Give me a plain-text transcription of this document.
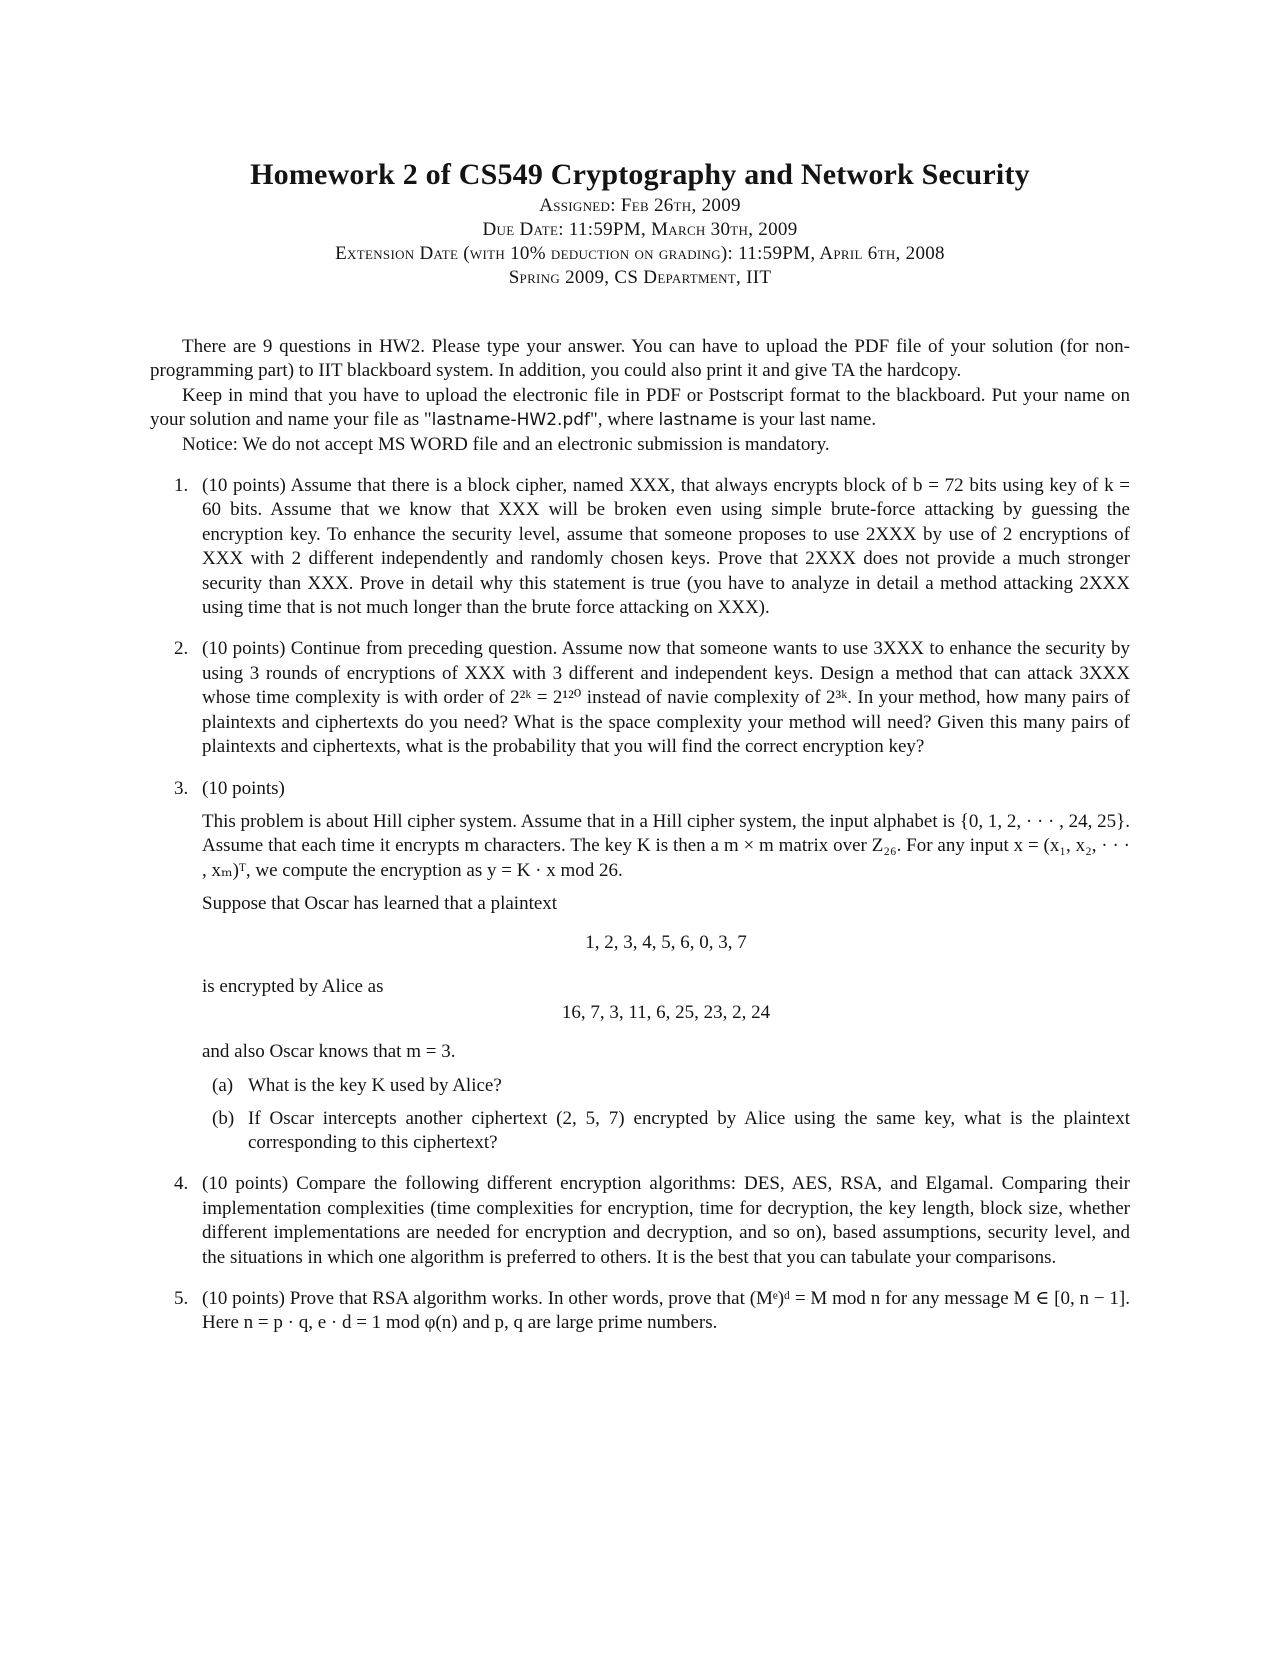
Homework 2 of CS549 Cryptography and Network Security
Assigned: Feb 26th, 2009
Due Date: 11:59PM, March 30th, 2009
Extension Date (with 10% deduction on grading): 11:59PM, April 6th, 2008
Spring 2009, CS Department, IIT

There are 9 questions in HW2. Please type your answer. You can have to upload the PDF file of your solution (for non-programming part) to IIT blackboard system. In addition, you could also print it and give TA the hardcopy.

Keep in mind that you have to upload the electronic file in PDF or Postscript format to the blackboard. Put your name on your solution and name your file as "lastname-HW2.pdf", where lastname is your last name.

Notice: We do not accept MS WORD file and an electronic submission is mandatory.

1. (10 points) Assume that there is a block cipher, named XXX, that always encrypts block of b = 72 bits using key of k = 60 bits. Assume that we know that XXX will be broken even using simple brute-force attacking by guessing the encryption key. To enhance the security level, assume that someone proposes to use 2XXX by use of 2 encryptions of XXX with 2 different independently and randomly chosen keys. Prove that 2XXX does not provide a much stronger security than XXX. Prove in detail why this statement is true (you have to analyze in detail a method attacking 2XXX using time that is not much longer than the brute force attacking on XXX).
2. (10 points) Continue from preceding question. Assume now that someone wants to use 3XXX to enhance the security by using 3 rounds of encryptions of XXX with 3 different and independent keys. Design a method that can attack 3XXX whose time complexity is with order of 2²ᵏ = 2¹²⁰ instead of navie complexity of 2³ᵏ. In your method, how many pairs of plaintexts and ciphertexts do you need? What is the space complexity your method will need? Given this many pairs of plaintexts and ciphertexts, what is the probability that you will find the correct encryption key?
3. (10 points)

This problem is about Hill cipher system. Assume that in a Hill cipher system, the input alphabet is {0, 1, 2, · · · , 24, 25}. Assume that each time it encrypts m characters. The key K is then a m × m matrix over Z₂₆. For any input x = (x₁, x₂, · · · , xₘ)ᵀ, we compute the encryption as y = K · x mod 26.

Suppose that Oscar has learned that a plaintext

1, 2, 3, 4, 5, 6, 0, 3, 7

is encrypted by Alice as

16, 7, 3, 11, 6, 25, 23, 2, 24

and also Oscar knows that m = 3.

(a) What is the key K used by Alice?
(b) If Oscar intercepts another ciphertext (2, 5, 7) encrypted by Alice using the same key, what is the plaintext corresponding to this ciphertext?
4. (10 points) Compare the following different encryption algorithms: DES, AES, RSA, and Elgamal. Comparing their implementation complexities (time complexities for encryption, time for decryption, the key length, block size, whether different implementations are needed for encryption and decryption, and so on), based assumptions, security level, and the situations in which one algorithm is preferred to others. It is the best that you can tabulate your comparisons.
5. (10 points) Prove that RSA algorithm works. In other words, prove that (Mᵉ)ᵈ = M mod n for any message M ∈ [0, n − 1]. Here n = p · q, e · d = 1 mod φ(n) and p, q are large prime numbers.
